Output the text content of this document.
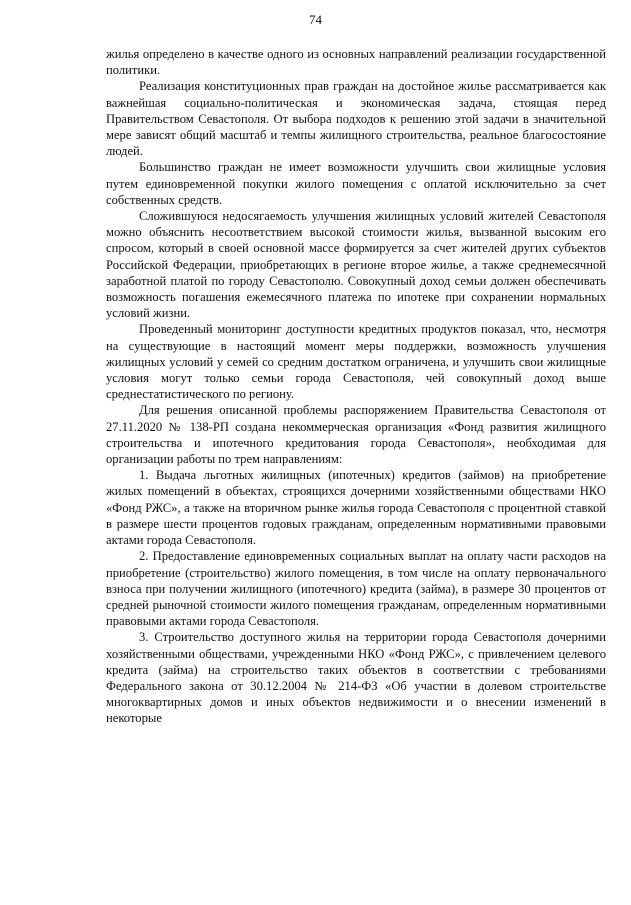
74

жилья определено в качестве одного из основных направлений реализации государственной политики.

Реализация конституционных прав граждан на достойное жилье рассматривается как важнейшая социально-политическая и экономическая задача, стоящая перед Правительством Севастополя. От выбора подходов к решению этой задачи в значительной мере зависят общий масштаб и темпы жилищного строительства, реальное благосостояние людей.

Большинство граждан не имеет возможности улучшить свои жилищные условия путем единовременной покупки жилого помещения с оплатой исключительно за счет собственных средств.

Сложившуюся недосягаемость улучшения жилищных условий жителей Севастополя можно объяснить несоответствием высокой стоимости жилья, вызванной высоким его спросом, который в своей основной массе формируется за счет жителей других субъектов Российской Федерации, приобретающих в регионе второе жилье, а также среднемесячной заработной платой по городу Севастополю. Совокупный доход семьи должен обеспечивать возможность погашения ежемесячного платежа по ипотеке при сохранении нормальных условий жизни.

Проведенный мониторинг доступности кредитных продуктов показал, что, несмотря на существующие в настоящий момент меры поддержки, возможность улучшения жилищных условий у семей со средним достатком ограничена, и улучшить свои жилищные условия могут только семьи города Севастополя, чей совокупный доход выше среднестатистического по региону.

Для решения описанной проблемы распоряжением Правительства Севастополя от 27.11.2020 № 138-РП создана некоммерческая организация «Фонд развития жилищного строительства и ипотечного кредитования города Севастополя», необходимая для организации работы по трем направлениям:

1. Выдача льготных жилищных (ипотечных) кредитов (займов) на приобретение жилых помещений в объектах, строящихся дочерними хозяйственными обществами НКО «Фонд РЖС», а также на вторичном рынке жилья города Севастополя с процентной ставкой в размере шести процентов годовых гражданам, определенным нормативными правовыми актами города Севастополя.

2. Предоставление единовременных социальных выплат на оплату части расходов на приобретение (строительство) жилого помещения, в том числе на оплату первоначального взноса при получении жилищного (ипотечного) кредита (займа), в размере 30 процентов от средней рыночной стоимости жилого помещения гражданам, определенным нормативными правовыми актами города Севастополя.

3. Строительство доступного жилья на территории города Севастополя дочерними хозяйственными обществами, учрежденными НКО «Фонд РЖС», с привлечением целевого кредита (займа) на строительство таких объектов в соответствии с требованиями Федерального закона от 30.12.2004 № 214-ФЗ «Об участии в долевом строительстве многоквартирных домов и иных объектов недвижимости и о внесении изменений в некоторые
